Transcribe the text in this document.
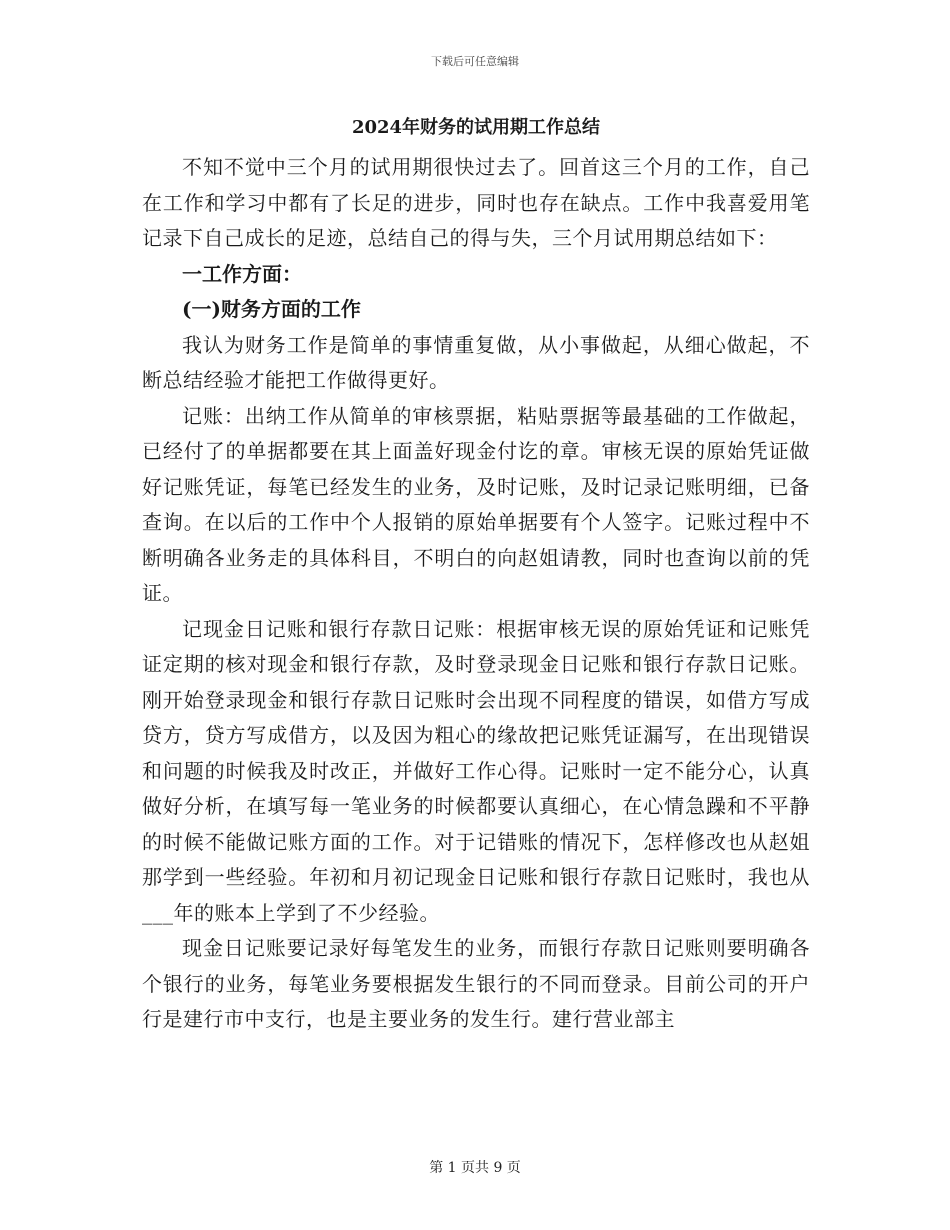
下载后可任意编辑
2024年财务的试用期工作总结

不知不觉中三个月的试用期很快过去了。回首这三个月的工作，自己在工作和学习中都有了长足的进步，同时也存在缺点。工作中我喜爱用笔记录下自己成长的足迹，总结自己的得与失，三个月试用期总结如下：

一工作方面：

(一)财务方面的工作

我认为财务工作是简单的事情重复做，从小事做起，从细心做起，不断总结经验才能把工作做得更好。

记账：出纳工作从简单的审核票据，粘贴票据等最基础的工作做起，已经付了的单据都要在其上面盖好现金付讫的章。审核无误的原始凭证做好记账凭证，每笔已经发生的业务，及时记账，及时记录记账明细，已备查询。在以后的工作中个人报销的原始单据要有个人签字。记账过程中不断明确各业务走的具体科目，不明白的向赵姐请教，同时也查询以前的凭证。

记现金日记账和银行存款日记账：根据审核无误的原始凭证和记账凭证定期的核对现金和银行存款，及时登录现金日记账和银行存款日记账。刚开始登录现金和银行存款日记账时会出现不同程度的错误，如借方写成贷方，贷方写成借方，以及因为粗心的缘故把记账凭证漏写，在出现错误和问题的时候我及时改正，并做好工作心得。记账时一定不能分心，认真做好分析，在填写每一笔业务的时候都要认真细心，在心情急躁和不平静的时候不能做记账方面的工作。对于记错账的情况下，怎样修改也从赵姐那学到一些经验。年初和月初记现金日记账和银行存款日记账时，我也从___年的账本上学到了不少经验。

现金日记账要记录好每笔发生的业务，而银行存款日记账则要明确各个银行的业务，每笔业务要根据发生银行的不同而登录。目前公司的开户行是建行市中支行，也是主要业务的发生行。建行营业部主

第 1 页共 9 页
